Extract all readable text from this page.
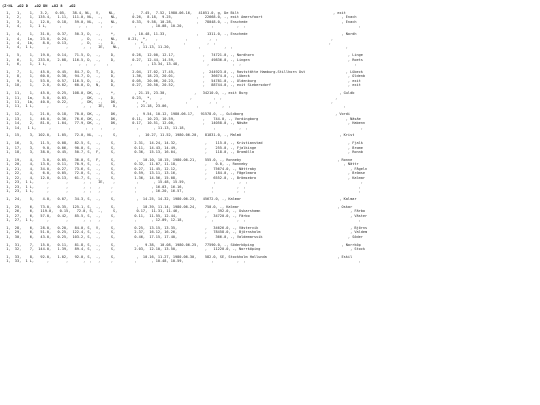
(Z-NL  +O2 D   +O2 DN  +O2 8   +O2
1,   1,    1,   3.2,   0.05,   38.4, NL,  V,    NL,        ,   7.45,  7.52, 1980-06-16,   41051.0, g, De Bilt                                            , exit
1,   2,    1,  135.4,   1.11,  111.0, NL,  -,    NL,       0.26,  8.18,  9.25,           ,   22668.0, -, exit Amersfoort                                     , Enach
1,   3,    1,   12.0,   0.18,   59.0, NL,  -,    NL,       0.33,  9.58, 10.28,           ,   78048.0, -, Enschede                                            , Enach
1,   4,    1,  1 L,      ,        ,  ,      ,    ,          ,       , 10.08, 10.20,             ,           ,  ,                                                     ,
1,   4,    1,   31.0,   0.37,   50.3, D,  -,     *,         , 10.48, 11.33,              ,    1311.0, -, Enschede                                            , Nordh
1,   4,   1a,   23.0,   0.24,      ,  D,   -,    NL,     0.21,  *,    ,             ,          ,  ,                                                     ,
1,   4,   1b,    8.0,   0.13,      ,  D,   -,    D,         ,  *,    ,             ,          ,  ,                                                     ,
1,   4,  1 L,      ,        ,       ,  ,   IE,    NL,         , 11.13, 11.20,             ,           ,  ,                                                     ,
1,   5,    1,   19.0,   0.14,   71.5, D,  -,     D,        0.28,  12.00, 12.17,             ,   74721.0, -, Nordhorn                                            , Linge
1,   6,    1,  233.0,   2.08,  116.5, D,  -,     D,        0.27,  12.44, 14.59,             ,   49836.0, -, Lingen                                              , Roets
1,   6,    1,  1 L,      ,        ,  ,   ,     ,          ,       , 13.34, 13.48,             ,           ,  ,                                                     ,
1,   7,    1,   45.0,   0.45,   84.7, D,  T,     D,        2.04,  17.02, 17.45,             ,  244923.0, -, Raststätte Hamburg-Stillhorn Ost                   , Lübeck
1,   8,    1,   60.0,   0.38,   94.7, D,  -,     D,        1.36,  18.23, 20.01,             ,   36674.0, -, Lübeck                                              , Oldenb
1,   9,    1,   53.0,   0.57,  116.5, D,  -,     D,        0.05,  20.06, 20.23,             ,   54781.0, -, Oldenburg                                           , exit
1,  10,    1,    2.0,   0.02,   60.0, D,  N,     D,        0.27,  20.50, 20.52,             ,   88744.0, -, exit Siebersdorf                                    , exit
1,  11,    1,   45.0,   0.25,  108.0, DK, -,     *,         , 21.15, 23.30,             ,   34210.0, -, exit Burg                                           , Guldb
1,  11,   1a,    5.0,   0.03,      ,  DK,  -,    D,        0.23,  *,    ,             ,          ,  ,                                                     ,
1,  11,   1b,   40.0,   0.22,      ,  DK,  -,    DK,         ,  *,    ,             ,          ,  ,                                                     ,
1,  11,  1 L,      ,        ,       ,  ,   IE,    D,         , 21.18, 23.06,             ,           ,  ,                                                     ,
1,  12,    1,   21.0,   0.18,   70.0, DK, -,     DK,         ,  9.54, 10.12, 1980-06-17,   91578.0, -, Guldborg                                           , Vordi
1,  13,    1,   46.0,   0.36,   76.6, DK, -,     DK,       0.11,  10.23, 10.59,             ,    744.0, -, Vordingborg                                         , Näsäe
1,  14,    2,   81.0,   1.04,   77.9, DK, -,     DK,       0.17,  10.51, 12.00,             ,   14058.0, -, Näsäe                                               , Habenn
1,  14,   1 L,      ,        ,       ,  ,   ,     ,          ,       , 11.13, 11.18,             ,           ,  ,                                                     ,
1,  15,    3,  102.0,   1.05,   72.0, NL,  -,     S,          ,  10.27, 11.52, 1980-06-20,   81831.0, -, Malmö                                              , Krist
1,  16,    3,   11.5,   0.08,   82.5, S,  -,     S,         2.31,  14.24, 14.32,             ,    115.0, -, Kristianstad                                        , Fjalk
1,  17,    3,    9.0,   0.06,   90.0, S,  -,     S,         0.11,  14.43, 14.49,             ,    255.0, -, Fjalkinge                                           , Brome
1,  18,    3,   38.0,   0.45,   50.7, S,  F,     S,         0.36,  15.13, 16.04,             ,    118.0, -, Bromölla                                            , Ronnb
1,  19,    4,    3.0,   0.05,   36.0, S,  F,     S,          ,  10.10, 10.15, 1980-06-21,    555.0, -, Ronneby                                             , Ronne
1,  20,    4,   13.0,   0.11,   70.9, S,  -,     S,         0.32,  11.07, 11.18,             ,    0.0, -, Ronneby                                             , Nättr
1,  21,    4,   34.0,   0.27,   73.6, S,  -,     S,         0.27,  11.45, 12.12,             ,   75674.0, -, Nättraby                                            , Fågeln
1,  22,    4,    6.0,   0.05,   72.0, S,  -,     S,         0.59,  13.11, 13.16,             ,    184.0, -, Fågelmara                                           , Brömse
1,  22,    4,   12.0,   0.13,   61.7, S,  -,     S,         1.36,  14.56, 15.08,             ,   6552.0, -, Brömsebro                                           , Kalmar
1,  23,  1 L,      ,        ,       ,  ,   IE,    ,          ,       , 15.48, 15.59,             ,           ,  ,                                                     ,
1,  23,  1 L,      ,        ,       ,  ,   ,     ,          ,       , 16.03, 16.16,             ,           ,  ,                                                     ,
1,  23,  1 L,      ,        ,       ,  ,   ,     ,          ,       , 16.20, 16.57,             ,           ,  ,                                                     ,
1,  24,    5,    4.0,   0.07,   34.3, S,  -,     S,          ,  14.25, 14.32, 1980-06-23,   45672.0, -, Kalmar                                              , Kalmar
1,  25,    6,   73.0,   0.35,  125.1, S,  -,     S,          ,  10.39, 11.14, 1980-06-24,    750.0, -, Kalmar                                              , Oskar
1,  26,    6,   119.0,   0.15,   72.0, S,  -,     S,         0.17,  11.31, 11.46,             ,    392.0, -, Oskarshamn                                          , Färbo
1,  27,    6,   57.0,   0.42,   85.5, S,  -,     S,         0.11,  11.55, 12.44,             ,   34720.0, -, Färbo                                               , Väster
1,  27,  1 L,      ,        ,       ,  ,   ,     ,          ,       , 12.09, 12.18,             ,           ,  ,                                                     ,
1,  28,    6,   28.0,   0.20,   84.0, S,  V,     S,         0.25,  13.15, 13.35,             ,   34626.0, -, Västervik                                           , Björns
1,  29,    6,   51.0,   0.25,  122.4, S,  -,     S,         2.37,  16.12, 16.26,             ,   78458.0, -, Björnsholm                                          , Valdem
1,  30,    6,   43.0,   0.25,  103.2, S,  -,     S,         0.46,  17.15, 17.40,             ,    366.0, -, Valdemarsvik                                        , Söder
1,  31,    7,   15.0,   0.11,   81.8, S,  -,     S,          ,   9.38,  10.08, 1980-06-25,   77590.0, -, Söderköping                                         , Norrköp
1,  32,    7,  144.0,   1.39,   89.4, S,  -,     S,         2.03,  12.10, 13.50,             ,   11220.0, -, Norrköping                                          , Stock
1,  33,    8,   92.0,   1.02,   92.0, S,  -,     S,          ,  10.16, 11.27, 1980-06-30,    582.0, SE, Stockholm Hallunda                                 , Eskil
1,  33,  1 L,      ,        ,       ,  ,   ,     ,          ,       , 10.48, 10.59,             ,           ,  ,                                                     ,
